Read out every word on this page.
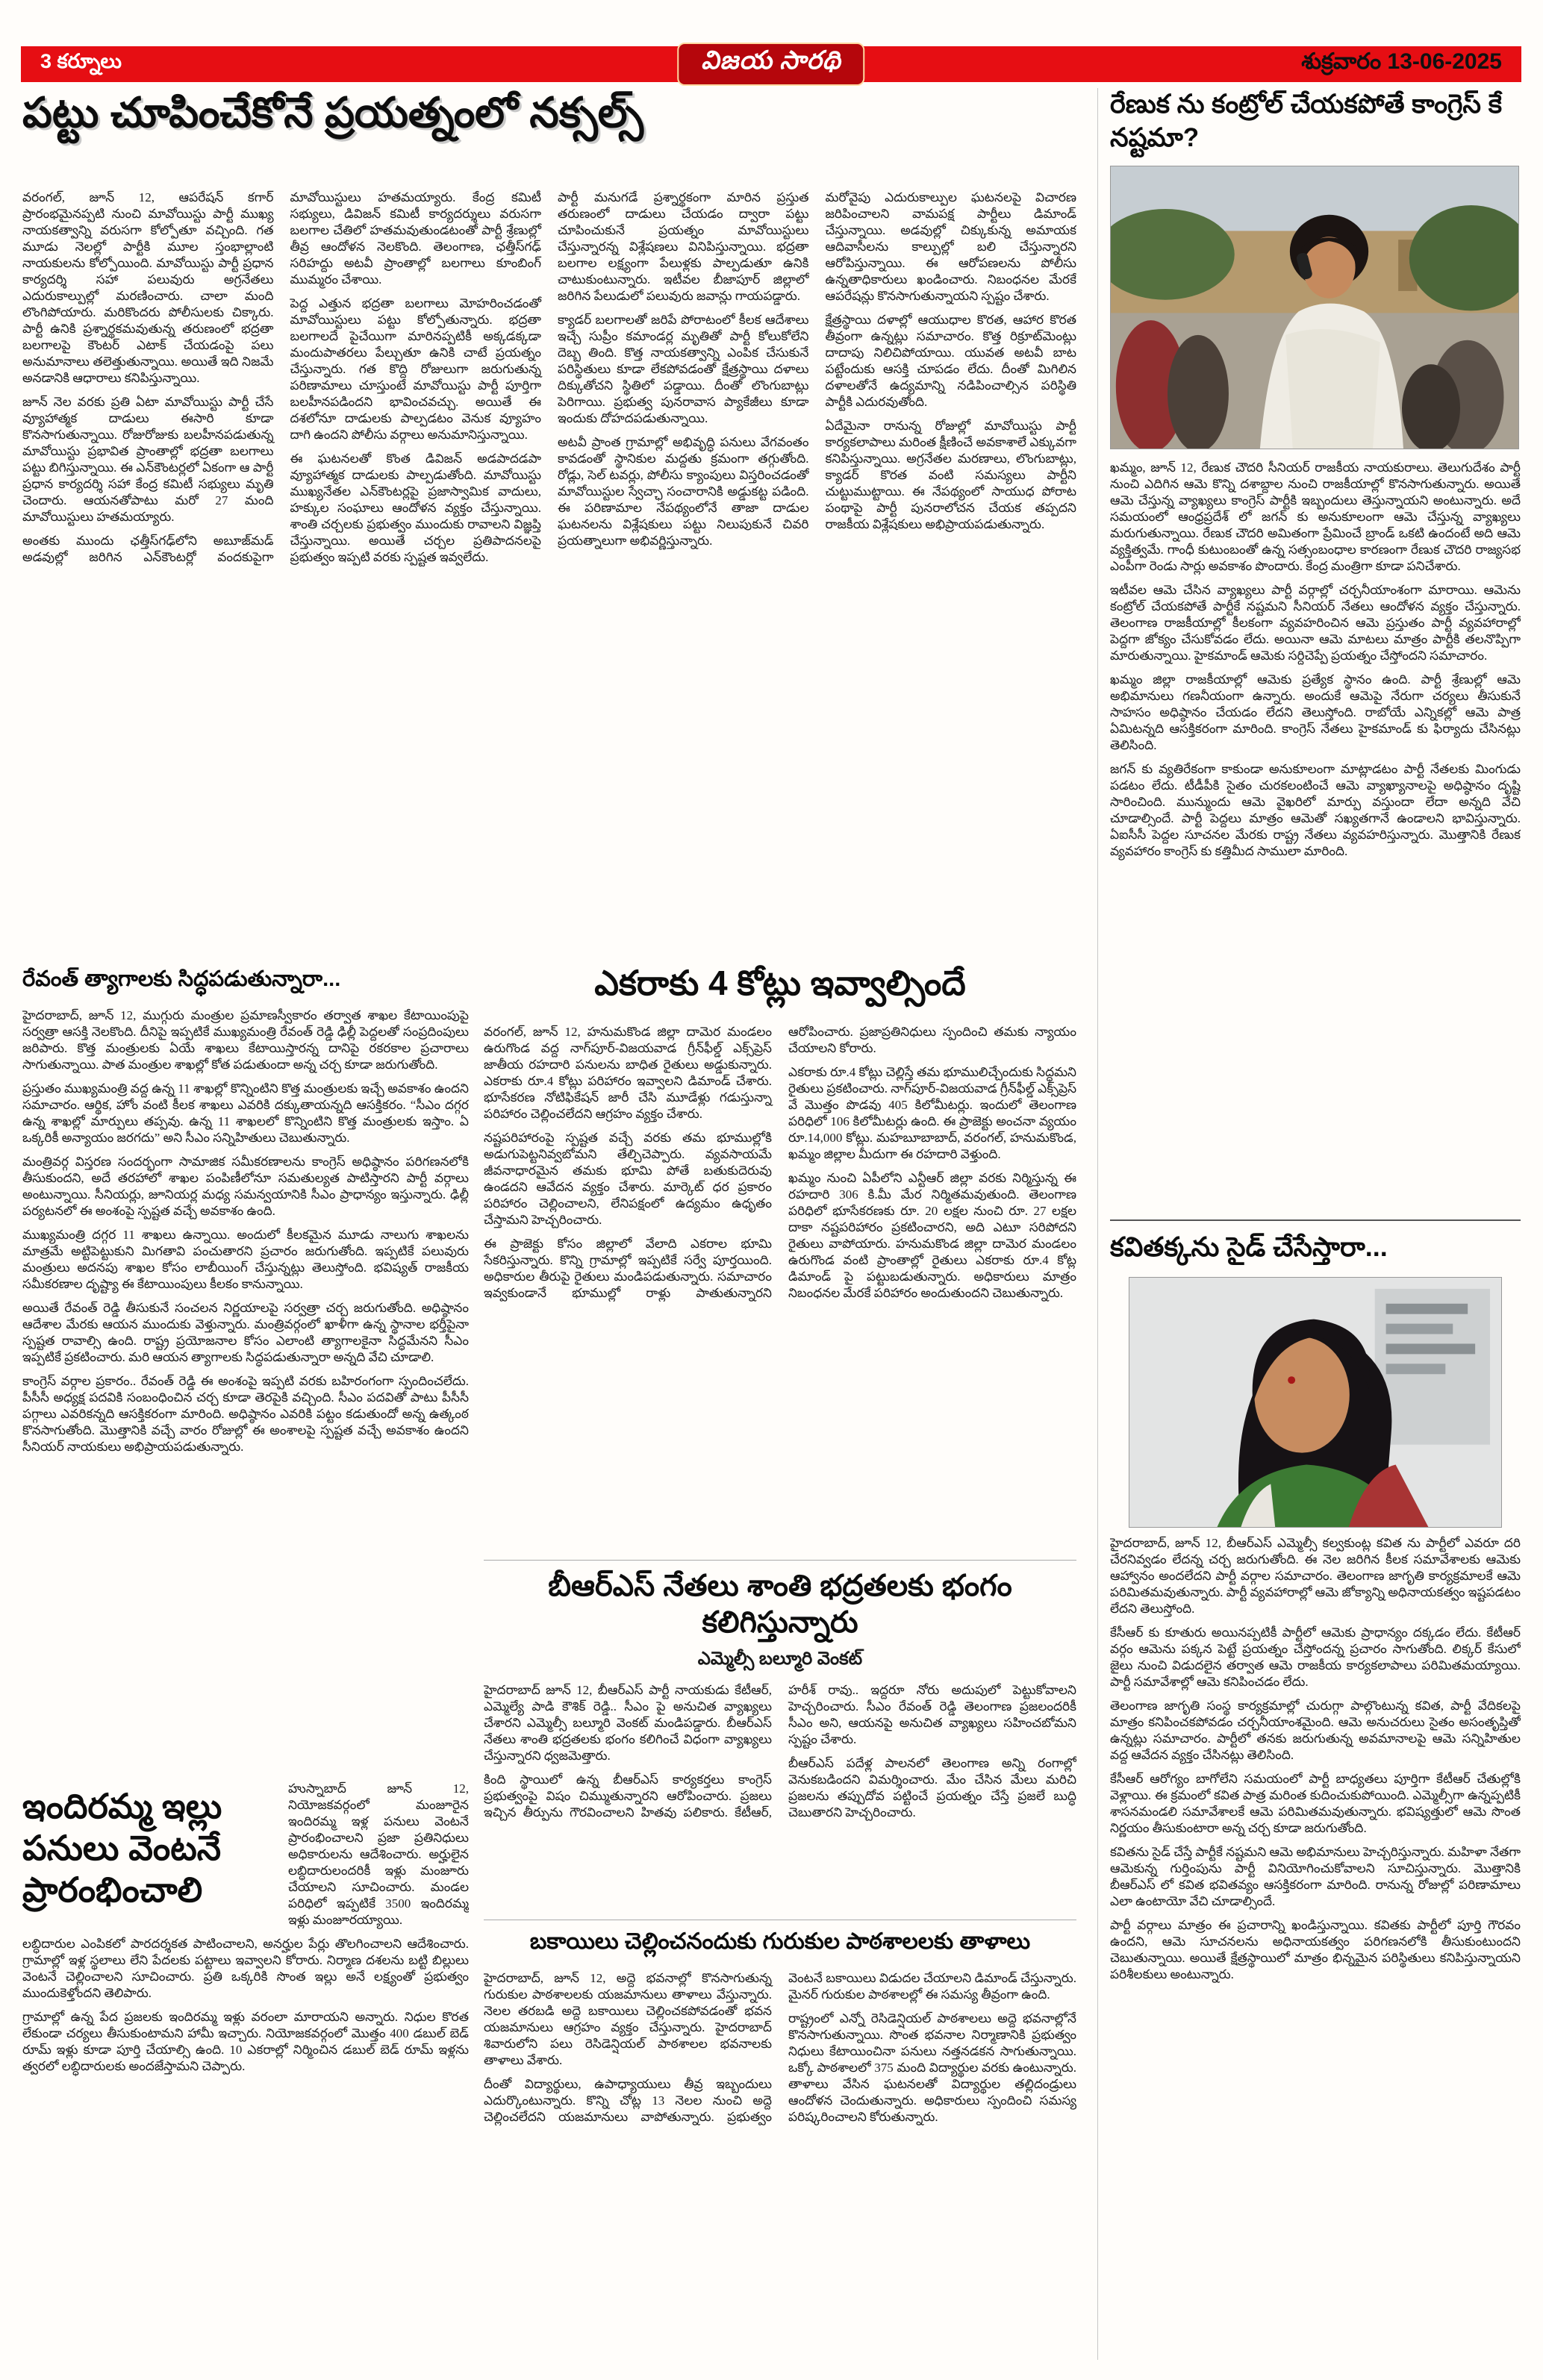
3 కర్నూలు	విజయ సారథి	శుక్రవారం 13-06-2025
పట్టు చూపించేకోనే ప్రయత్నంలో నక్సల్స్

వరంగల్, జూన్ 12, ఆపరేషన్ కగార్ ప్రారంభమైనప్పటి నుంచి మావోయిస్టు పార్టీ ముఖ్య నాయకత్వాన్ని వరుసగా కోల్పోతూ వచ్చింది. గత మూడు నెలల్లో పార్టీకి మూల స్తంభాల్లాంటి నాయకులను కోల్పోయింది. మావోయిస్టు పార్టీ ప్రధాన కార్యదర్శి సహా పలువురు అగ్రనేతలు ఎదురుకాల్పుల్లో మరణించారు. చాలా మంది లొంగిపోయారు. మరికొందరు పోలీసులకు చిక్కారు. పార్టీ ఉనికి ప్రశ్నార్థకమవుతున్న తరుణంలో భద్రతా బలగాలపై కౌంటర్ ఎటాక్ చేయడంపై పలు అనుమానాలు తలెత్తుతున్నాయి. అయితే ఇది నిజమే అనడానికి ఆధారాలు కనిపిస్తున్నాయి.

జూన్ నెల వరకు ప్రతి ఏటా మావోయిస్టు పార్టీ చేసే వ్యూహాత్మక దాడులు ఈసారి కూడా కొనసాగుతున్నాయి. రోజురోజుకు బలహీనపడుతున్న మావోయిస్టు ప్రభావిత ప్రాంతాల్లో భద్రతా బలగాలు పట్టు బిగిస్తున్నాయి. ఈ ఎన్‌కౌంటర్లలో ఏకంగా ఆ పార్టీ ప్రధాన కార్యదర్శి సహా కేంద్ర కమిటీ సభ్యులు మృతి చెందారు. ఆయనతోపాటు మరో 27 మంది మావోయిస్టులు హతమయ్యారు.

అంతకు ముందు ఛత్తీస్‌గఢ్‌లోని అబూజ్‌మడ్ అడవుల్లో జరిగిన ఎన్‌కౌంటర్లో వందకుపైగా మావోయిస్టులు హతమయ్యారు. కేంద్ర కమిటీ సభ్యులు, డివిజన్ కమిటీ కార్యదర్శులు వరుసగా బలగాల చేతిలో హతమవుతుండటంతో పార్టీ శ్రేణుల్లో తీవ్ర ఆందోళన నెలకొంది. తెలంగాణ, ఛత్తీస్‌గఢ్ సరిహద్దు అటవీ ప్రాంతాల్లో బలగాలు కూంబింగ్ ముమ్మరం చేశాయి.

పెద్ద ఎత్తున భద్రతా బలగాలు మోహరించడంతో మావోయిస్టులు పట్టు కోల్పోతున్నారు. భద్రతా బలగాలదే పైచేయిగా మారినప్పటికీ అక్కడక్కడా మందుపాతరలు పేల్చుతూ ఉనికి చాటే ప్రయత్నం చేస్తున్నారు. గత కొద్ది రోజులుగా జరుగుతున్న పరిణామాలు చూస్తుంటే మావోయిస్టు పార్టీ పూర్తిగా బలహీనపడిందని భావించవచ్చు. అయితే ఈ దశలోనూ దాడులకు పాల్పడటం వెనుక వ్యూహం దాగి ఉందని పోలీసు వర్గాలు అనుమానిస్తున్నాయి.

ఈ ఘటనలతో కొంత డివిజన్ అడపాదడపా వ్యూహాత్మక దాడులకు పాల్పడుతోంది. మావోయిస్టు ముఖ్యనేతల ఎన్‌కౌంటర్లపై ప్రజాస్వామిక వాదులు, హక్కుల సంఘాలు ఆందోళన వ్యక్తం చేస్తున్నాయి. శాంతి చర్చలకు ప్రభుత్వం ముందుకు రావాలని విజ్ఞప్తి చేస్తున్నాయి. అయితే చర్చల ప్రతిపాదనలపై ప్రభుత్వం ఇప్పటి వరకు స్పష్టత ఇవ్వలేదు.

పార్టీ మనుగడే ప్రశ్నార్థకంగా మారిన ప్రస్తుత తరుణంలో దాడులు చేయడం ద్వారా పట్టు చూపించుకునే ప్రయత్నం మావోయిస్టులు చేస్తున్నారన్న విశ్లేషణలు వినిపిస్తున్నాయి. భద్రతా బలగాల లక్ష్యంగా పేలుళ్లకు పాల్పడుతూ ఉనికి చాటుకుంటున్నారు. ఇటీవల బీజాపూర్ జిల్లాలో జరిగిన పేలుడులో పలువురు జవాన్లు గాయపడ్డారు.

క్యాడర్ బలగాలతో జరిపే పోరాటంలో కీలక ఆదేశాలు ఇచ్చే సుప్రీం కమాండర్ల మృతితో పార్టీ కోలుకోలేని దెబ్బ తింది. కొత్త నాయకత్వాన్ని ఎంపిక చేసుకునే పరిస్థితులు కూడా లేకపోవడంతో క్షేత్రస్థాయి దళాలు దిక్కుతోచని స్థితిలో పడ్డాయి. దీంతో లొంగుబాట్లు పెరిగాయి. ప్రభుత్వ పునరావాస ప్యాకేజీలు కూడా ఇందుకు దోహదపడుతున్నాయి.

అటవీ ప్రాంత గ్రామాల్లో అభివృద్ధి పనులు వేగవంతం కావడంతో స్థానికుల మద్దతు క్రమంగా తగ్గుతోంది. రోడ్లు, సెల్ టవర్లు, పోలీసు క్యాంపులు విస్తరించడంతో మావోయిస్టుల స్వేచ్ఛా సంచారానికి అడ్డుకట్ట పడింది. ఈ పరిణామాల నేపథ్యంలోనే తాజా దాడుల ఘటనలను విశ్లేషకులు పట్టు నిలుపుకునే చివరి ప్రయత్నాలుగా అభివర్ణిస్తున్నారు.

మరోవైపు ఎదురుకాల్పుల ఘటనలపై విచారణ జరిపించాలని వామపక్ష పార్టీలు డిమాండ్ చేస్తున్నాయి. అడవుల్లో చిక్కుకున్న అమాయక ఆదివాసీలను కాల్పుల్లో బలి చేస్తున్నారని ఆరోపిస్తున్నాయి. ఈ ఆరోపణలను పోలీసు ఉన్నతాధికారులు ఖండించారు. నిబంధనల మేరకే ఆపరేషన్లు కొనసాగుతున్నాయని స్పష్టం చేశారు.

క్షేత్రస్థాయి దళాల్లో ఆయుధాల కొరత, ఆహార కొరత తీవ్రంగా ఉన్నట్లు సమాచారం. కొత్త రిక్రూట్‌మెంట్లు దాదాపు నిలిచిపోయాయి. యువత అటవీ బాట పట్టేందుకు ఆసక్తి చూపడం లేదు. దీంతో మిగిలిన దళాలతోనే ఉద్యమాన్ని నడిపించాల్సిన పరిస్థితి పార్టీకి ఎదురవుతోంది.

ఏదేమైనా రానున్న రోజుల్లో మావోయిస్టు పార్టీ కార్యకలాపాలు మరింత క్షీణించే అవకాశాలే ఎక్కువగా కనిపిస్తున్నాయి. అగ్రనేతల మరణాలు, లొంగుబాట్లు, క్యాడర్ కొరత వంటి సమస్యలు పార్టీని చుట్టుముట్టాయి. ఈ నేపథ్యంలో సాయుధ పోరాట పంథాపై పార్టీ పునరాలోచన చేయక తప్పదని రాజకీయ విశ్లేషకులు అభిప్రాయపడుతున్నారు.

రేణుక ను కంట్రోల్ చేయకపోతే కాంగ్రెస్ కే నష్టమా?

ఖమ్మం, జూన్ 12, రేణుక చౌదరి సీనియర్ రాజకీయ నాయకురాలు. తెలుగుదేశం పార్టీ నుంచి ఎదిగిన ఆమె కొన్ని దశాబ్దాల నుంచి రాజకీయాల్లో కొనసాగుతున్నారు. అయితే ఆమె చేస్తున్న వ్యాఖ్యలు కాంగ్రెస్ పార్టీకి ఇబ్బందులు తెస్తున్నాయని అంటున్నారు. అదే సమయంలో ఆంధ్రప్రదేశ్ లో జగన్ కు అనుకూలంగా ఆమె చేస్తున్న వ్యాఖ్యలు మరుగుతున్నాయి. రేణుక చౌదరి అమితంగా ప్రేమించే బ్రాండ్ ఒకటి ఉందంటే అది ఆమె వ్యక్తిత్వమే. గాంధీ కుటుంబంతో ఉన్న సత్సంబంధాల కారణంగా రేణుక చౌదరి రాజ్యసభ ఎంపీగా రెండు సార్లు అవకాశం పొందారు. కేంద్ర మంత్రిగా కూడా పనిచేశారు.

ఇటీవల ఆమె చేసిన వ్యాఖ్యలు పార్టీ వర్గాల్లో చర్చనీయాంశంగా మారాయి. ఆమెను కంట్రోల్ చేయకపోతే పార్టీకే నష్టమని సీనియర్ నేతలు ఆందోళన వ్యక్తం చేస్తున్నారు. తెలంగాణ రాజకీయాల్లో కీలకంగా వ్యవహరించిన ఆమె ప్రస్తుతం పార్టీ వ్యవహారాల్లో పెద్దగా జోక్యం చేసుకోవడం లేదు. అయినా ఆమె మాటలు మాత్రం పార్టీకి తలనొప్పిగా మారుతున్నాయి. హైకమాండ్ ఆమెకు సర్దిచెప్పే ప్రయత్నం చేస్తోందని సమాచారం.

ఖమ్మం జిల్లా రాజకీయాల్లో ఆమెకు ప్రత్యేక స్థానం ఉంది. పార్టీ శ్రేణుల్లో ఆమె అభిమానులు గణనీయంగా ఉన్నారు. అందుకే ఆమెపై నేరుగా చర్యలు తీసుకునే సాహసం అధిష్ఠానం చేయడం లేదని తెలుస్తోంది. రాబోయే ఎన్నికల్లో ఆమె పాత్ర ఏమిటన్నది ఆసక్తికరంగా మారింది. కాంగ్రెస్ నేతలు హైకమాండ్ కు ఫిర్యాదు చేసినట్లు తెలిసింది.

జగన్ కు వ్యతిరేకంగా కాకుండా అనుకూలంగా మాట్లాడటం పార్టీ నేతలకు మింగుడు పడటం లేదు. టీడీపీకి సైతం చురకలంటించే ఆమె వ్యాఖ్యానాలపై అధిష్ఠానం దృష్టి సారించింది. మున్ముందు ఆమె వైఖరిలో మార్పు వస్తుందా లేదా అన్నది వేచి చూడాల్సిందే. పార్టీ పెద్దలు మాత్రం ఆమెతో సఖ్యతగానే ఉండాలని భావిస్తున్నారు. ఏఐసీసీ పెద్దల సూచనల మేరకు రాష్ట్ర నేతలు వ్యవహరిస్తున్నారు. మొత్తానికి రేణుక వ్యవహారం కాంగ్రెస్ కు కత్తిమీద సాములా మారింది.

కవితక్కను సైడ్ చేసేస్తారా...

హైదరాబాద్, జూన్ 12, బీఆర్ఎస్ ఎమ్మెల్సీ కల్వకుంట్ల కవిత ను పార్టీలో ఎవరూ దరి చేరనివ్వడం లేదన్న చర్చ జరుగుతోంది. ఈ నెల జరిగిన కీలక సమావేశాలకు ఆమెకు ఆహ్వానం అందలేదని పార్టీ వర్గాల సమాచారం. తెలంగాణ జాగృతి కార్యక్రమాలకే ఆమె పరిమితమవుతున్నారు. పార్టీ వ్యవహారాల్లో ఆమె జోక్యాన్ని అధినాయకత్వం ఇష్టపడటం లేదని తెలుస్తోంది.

కేసీఆర్ కు కూతురు అయినప్పటికీ పార్టీలో ఆమెకు ప్రాధాన్యం దక్కడం లేదు. కేటీఆర్ వర్గం ఆమెను పక్కన పెట్టే ప్రయత్నం చేస్తోందన్న ప్రచారం సాగుతోంది. లిక్కర్ కేసులో జైలు నుంచి విడుదలైన తర్వాత ఆమె రాజకీయ కార్యకలాపాలు పరిమితమయ్యాయి. పార్టీ సమావేశాల్లో ఆమె కనిపించడం లేదు.

తెలంగాణ జాగృతి సంస్థ కార్యక్రమాల్లో చురుగ్గా పాల్గొంటున్న కవిత, పార్టీ వేదికలపై మాత్రం కనిపించకపోవడం చర్చనీయాంశమైంది. ఆమె అనుచరులు సైతం అసంతృప్తితో ఉన్నట్లు సమాచారం. పార్టీలో తనకు జరుగుతున్న అవమానాలపై ఆమె సన్నిహితుల వద్ద ఆవేదన వ్యక్తం చేసినట్లు తెలిసింది.

కేసీఆర్ ఆరోగ్యం బాగోలేని సమయంలో పార్టీ బాధ్యతలు పూర్తిగా కేటీఆర్ చేతుల్లోకి వెళ్లాయి. ఈ క్రమంలో కవిత పాత్ర మరింత కుదించుకుపోయింది. ఎమ్మెల్సీగా ఉన్నప్పటికీ శాసనమండలి సమావేశాలకే ఆమె పరిమితమవుతున్నారు. భవిష్యత్తులో ఆమె సొంత నిర్ణయం తీసుకుంటారా అన్న చర్చ కూడా జరుగుతోంది.

కవితను సైడ్ చేస్తే పార్టీకే నష్టమని ఆమె అభిమానులు హెచ్చరిస్తున్నారు. మహిళా నేతగా ఆమెకున్న గుర్తింపును పార్టీ వినియోగించుకోవాలని సూచిస్తున్నారు. మొత్తానికి బీఆర్ఎస్ లో కవిత భవితవ్యం ఆసక్తికరంగా మారింది. రానున్న రోజుల్లో పరిణామాలు ఎలా ఉంటాయో వేచి చూడాల్సిందే.

పార్టీ వర్గాలు మాత్రం ఈ ప్రచారాన్ని ఖండిస్తున్నాయి. కవితకు పార్టీలో పూర్తి గౌరవం ఉందని, ఆమె సూచనలను అధినాయకత్వం పరిగణనలోకి తీసుకుంటుందని చెబుతున్నాయి. అయితే క్షేత్రస్థాయిలో మాత్రం భిన్నమైన పరిస్థితులు కనిపిస్తున్నాయని పరిశీలకులు అంటున్నారు.

రేవంత్ త్యాగాలకు సిద్ధపడుతున్నారా...

హైదరాబాద్, జూన్ 12, ముగ్గురు మంత్రుల ప్రమాణస్వీకారం తర్వాత శాఖల కేటాయింపుపై సర్వత్రా ఆసక్తి నెలకొంది. దీనిపై ఇప్పటికే ముఖ్యమంత్రి రేవంత్ రెడ్డి ఢిల్లీ పెద్దలతో సంప్రదింపులు జరిపారు. కొత్త మంత్రులకు ఏయే శాఖలు కేటాయిస్తారన్న దానిపై రకరకాల ప్రచారాలు సాగుతున్నాయి. పాత మంత్రుల శాఖల్లో కోత పడుతుందా అన్న చర్చ కూడా జరుగుతోంది.

ప్రస్తుతం ముఖ్యమంత్రి వద్ద ఉన్న 11 శాఖల్లో కొన్నింటిని కొత్త మంత్రులకు ఇచ్చే అవకాశం ఉందని సమాచారం. ఆర్థిక, హోం వంటి కీలక శాఖలు ఎవరికి దక్కుతాయన్నది ఆసక్తికరం. “సీఎం దగ్గర ఉన్న శాఖల్లో మార్పులు తప్పవు. ఉన్న 11 శాఖలలో కొన్నింటిని కొత్త మంత్రులకు ఇస్తాం. ఏ ఒక్కరికీ అన్యాయం జరగదు” అని సీఎం సన్నిహితులు చెబుతున్నారు.

మంత్రివర్గ విస్తరణ సందర్భంగా సామాజిక సమీకరణాలను కాంగ్రెస్ అధిష్ఠానం పరిగణనలోకి తీసుకుందని, అదే తరహాలో శాఖల పంపిణీలోనూ సమతుల్యత పాటిస్తారని పార్టీ వర్గాలు అంటున్నాయి. సీనియర్లు, జూనియర్ల మధ్య సమన్వయానికి సీఎం ప్రాధాన్యం ఇస్తున్నారు. ఢిల్లీ పర్యటనలో ఈ అంశంపై స్పష్టత వచ్చే అవకాశం ఉంది.

ముఖ్యమంత్రి దగ్గర 11 శాఖలు ఉన్నాయి. అందులో కీలకమైన మూడు నాలుగు శాఖలను మాత్రమే అట్టిపెట్టుకుని మిగతావి పంచుతారని ప్రచారం జరుగుతోంది. ఇప్పటికే పలువురు మంత్రులు అదనపు శాఖల కోసం లాబీయింగ్ చేస్తున్నట్లు తెలుస్తోంది. భవిష్యత్ రాజకీయ సమీకరణాల దృష్ట్యా ఈ కేటాయింపులు కీలకం కానున్నాయి.

అయితే రేవంత్ రెడ్డి తీసుకునే సంచలన నిర్ణయాలపై సర్వత్రా చర్చ జరుగుతోంది. అధిష్ఠానం ఆదేశాల మేరకు ఆయన ముందుకు వెళ్తున్నారు. మంత్రివర్గంలో ఖాళీగా ఉన్న స్థానాల భర్తీపైనా స్పష్టత రావాల్సి ఉంది. రాష్ట్ర ప్రయోజనాల కోసం ఎలాంటి త్యాగాలకైనా సిద్ధమేనని సీఎం ఇప్పటికే ప్రకటించారు. మరి ఆయన త్యాగాలకు సిద్ధపడుతున్నారా అన్నది వేచి చూడాలి.

కాంగ్రెస్ వర్గాల ప్రకారం.. రేవంత్ రెడ్డి ఈ అంశంపై ఇప్పటి వరకు బహిరంగంగా స్పందించలేదు. పీసీసీ అధ్యక్ష పదవికి సంబంధించిన చర్చ కూడా తెరపైకి వచ్చింది. సీఎం పదవితో పాటు పీసీసీ పగ్గాలు ఎవరికన్నది ఆసక్తికరంగా మారింది. అధిష్ఠానం ఎవరికి పట్టం కడుతుందో అన్న ఉత్కంఠ కొనసాగుతోంది. మొత్తానికి వచ్చే వారం రోజుల్లో ఈ అంశాలపై స్పష్టత వచ్చే అవకాశం ఉందని సీనియర్ నాయకులు అభిప్రాయపడుతున్నారు.

ఎకరాకు 4 కోట్లు ఇవ్వాల్సిందే

వరంగల్, జూన్ 12, హనుమకొండ జిల్లా దామెర మండలం ఉరుగొండ వద్ద నాగ్‌పూర్-విజయవాడ గ్రీన్‌ఫీల్డ్ ఎక్స్‌ప్రెస్ జాతీయ రహదారి పనులను బాధిత రైతులు అడ్డుకున్నారు. ఎకరాకు రూ.4 కోట్లు పరిహారం ఇవ్వాలని డిమాండ్ చేశారు. భూసేకరణ నోటిఫికేషన్ జారీ చేసి మూడేళ్లు గడుస్తున్నా పరిహారం చెల్లించలేదని ఆగ్రహం వ్యక్తం చేశారు.

నష్టపరిహారంపై స్పష్టత వచ్చే వరకు తమ భూముల్లోకి అడుగుపెట్టనివ్వబోమని తేల్చిచెప్పారు. వ్యవసాయమే జీవనాధారమైన తమకు భూమి పోతే బతుకుదెరువు ఉండదని ఆవేదన వ్యక్తం చేశారు. మార్కెట్ ధర ప్రకారం పరిహారం చెల్లించాలని, లేనిపక్షంలో ఉద్యమం ఉధృతం చేస్తామని హెచ్చరించారు.

ఈ ప్రాజెక్టు కోసం జిల్లాలో వేలాది ఎకరాల భూమి సేకరిస్తున్నారు. కొన్ని గ్రామాల్లో ఇప్పటికే సర్వే పూర్తయింది. అధికారుల తీరుపై రైతులు మండిపడుతున్నారు. సమాచారం ఇవ్వకుండానే భూముల్లో రాళ్లు పాతుతున్నారని ఆరోపించారు. ప్రజాప్రతినిధులు స్పందించి తమకు న్యాయం చేయాలని కోరారు.

ఎకరాకు రూ.4 కోట్లు చెల్లిస్తే తమ భూములిచ్చేందుకు సిద్ధమని రైతులు ప్రకటించారు. నాగ్‌పూర్-విజయవాడ గ్రీన్‌ఫీల్డ్ ఎక్స్‌ప్రెస్ వే మొత్తం పొడవు 405 కిలోమీటర్లు. ఇందులో తెలంగాణ పరిధిలో 106 కిలోమీటర్లు ఉంది. ఈ ప్రాజెక్టు అంచనా వ్యయం రూ.14,000 కోట్లు. మహబూబాబాద్, వరంగల్, హనుమకొండ, ఖమ్మం జిల్లాల మీదుగా ఈ రహదారి వెళ్తుంది.

ఖమ్మం నుంచి ఏపీలోని ఎన్టీఆర్ జిల్లా వరకు నిర్మిస్తున్న ఈ రహదారి 306 కి.మీ మేర నిర్మితమవుతుంది. తెలంగాణ పరిధిలో భూసేకరణకు రూ. 20 లక్షల నుంచి రూ. 27 లక్షల దాకా నష్టపరిహారం ప్రకటించారని, అది ఎటూ సరిపోదని రైతులు వాపోయారు. హనుమకొండ జిల్లా దామెర మండలం ఉరుగొండ వంటి ప్రాంతాల్లో రైతులు ఎకరాకు రూ.4 కోట్ల డిమాండ్ పై పట్టుబడుతున్నారు. అధికారులు మాత్రం నిబంధనల మేరకే పరిహారం అందుతుందని చెబుతున్నారు.

బీఆర్ఎస్ నేతలు శాంతి భద్రతలకు భంగం కలిగిస్తున్నారు
ఎమ్మెల్సీ బల్మూరి వెంకట్

హైదరాబాద్ జూన్ 12, బీఆర్ఎస్ పార్టీ నాయకుడు కేటీఆర్, ఎమ్మెల్యే పాడి కౌశిక్ రెడ్డి.. సీఎం పై అనుచిత వ్యాఖ్యలు చేశారని ఎమ్మెల్సీ బల్మూరి వెంకట్ మండిపడ్డారు. బీఆర్ఎస్ నేతలు శాంతి భద్రతలకు భంగం కలిగించే విధంగా వ్యాఖ్యలు చేస్తున్నారని ధ్వజమెత్తారు.

కింది స్థాయిలో ఉన్న బీఆర్ఎస్ కార్యకర్తలు కాంగ్రెస్ ప్రభుత్వంపై విషం చిమ్ముతున్నారని ఆరోపించారు. ప్రజలు ఇచ్చిన తీర్పును గౌరవించాలని హితవు పలికారు. కేటీఆర్, హరీశ్ రావు.. ఇద్దరూ నోరు అదుపులో పెట్టుకోవాలని హెచ్చరించారు. సీఎం రేవంత్ రెడ్డి తెలంగాణ ప్రజలందరికీ సీఎం అని, ఆయనపై అనుచిత వ్యాఖ్యలు సహించబోమని స్పష్టం చేశారు.

బీఆర్ఎస్ పదేళ్ల పాలనలో తెలంగాణ అన్ని రంగాల్లో వెనుకబడిందని విమర్శించారు. మేం చేసిన మేలు మరిచి ప్రజలను తప్పుదోవ పట్టించే ప్రయత్నం చేస్తే ప్రజలే బుద్ధి చెబుతారని హెచ్చరించారు.

ఇందిరమ్మ ఇల్లు పనులు వెంటనే ప్రారంభించాలి

హుస్నాబాద్ జూన్ 12, నియోజకవర్గంలో మంజూరైన ఇందిరమ్మ ఇళ్ల పనులు వెంటనే ప్రారంభించాలని ప్రజా ప్రతినిధులు అధికారులను ఆదేశించారు. అర్హులైన లబ్ధిదారులందరికీ ఇళ్లు మంజూరు చేయాలని సూచించారు. మండల పరిధిలో ఇప్పటికే 3500 ఇందిరమ్మ ఇళ్లు మంజూరయ్యాయి.

లబ్ధిదారుల ఎంపికలో పారదర్శకత పాటించాలని, అనర్హుల పేర్లు తొలగించాలని ఆదేశించారు. గ్రామాల్లో ఇళ్ల స్థలాలు లేని పేదలకు పట్టాలు ఇవ్వాలని కోరారు. నిర్మాణ దశలను బట్టి బిల్లులు వెంటనే చెల్లించాలని సూచించారు. ప్రతి ఒక్కరికి సొంత ఇల్లు అనే లక్ష్యంతో ప్రభుత్వం ముందుకెళ్తోందని తెలిపారు.

గ్రామాల్లో ఉన్న పేద ప్రజలకు ఇందిరమ్మ ఇళ్లు వరంలా మారాయని అన్నారు. నిధుల కొరత లేకుండా చర్యలు తీసుకుంటామని హామీ ఇచ్చారు. నియోజకవర్గంలో మొత్తం 400 డబుల్ బెడ్ రూమ్ ఇళ్లు కూడా పూర్తి చేయాల్సి ఉంది. 10 ఎకరాల్లో నిర్మించిన డబుల్ బెడ్ రూమ్ ఇళ్లను త్వరలో లబ్ధిదారులకు అందజేస్తామని చెప్పారు.

బకాయిలు చెల్లించనందుకు గురుకుల పాఠశాలలకు తాళాలు

హైదరాబాద్, జూన్ 12, అద్దె భవనాల్లో కొనసాగుతున్న గురుకుల పాఠశాలలకు యజమానులు తాళాలు వేస్తున్నారు. నెలల తరబడి అద్దె బకాయిలు చెల్లించకపోవడంతో భవన యజమానులు ఆగ్రహం వ్యక్తం చేస్తున్నారు. హైదరాబాద్ శివారులోని పలు రెసిడెన్షియల్ పాఠశాలల భవనాలకు తాళాలు వేశారు.

దీంతో విద్యార్థులు, ఉపాధ్యాయులు తీవ్ర ఇబ్బందులు ఎదుర్కొంటున్నారు. కొన్ని చోట్ల 13 నెలల నుంచి అద్దె చెల్లించలేదని యజమానులు వాపోతున్నారు. ప్రభుత్వం వెంటనే బకాయిలు విడుదల చేయాలని డిమాండ్ చేస్తున్నారు. మైనర్ గురుకుల పాఠశాలల్లో ఈ సమస్య తీవ్రంగా ఉంది.

రాష్ట్రంలో ఎన్నో రెసిడెన్షియల్ పాఠశాలలు అద్దె భవనాల్లోనే కొనసాగుతున్నాయి. సొంత భవనాల నిర్మాణానికి ప్రభుత్వం నిధులు కేటాయించినా పనులు నత్తనడకన సాగుతున్నాయి. ఒక్కో పాఠశాలలో 375 మంది విద్యార్థుల వరకు ఉంటున్నారు. తాళాలు వేసిన ఘటనలతో విద్యార్థుల తల్లిదండ్రులు ఆందోళన చెందుతున్నారు. అధికారులు స్పందించి సమస్య పరిష్కరించాలని కోరుతున్నారు.
